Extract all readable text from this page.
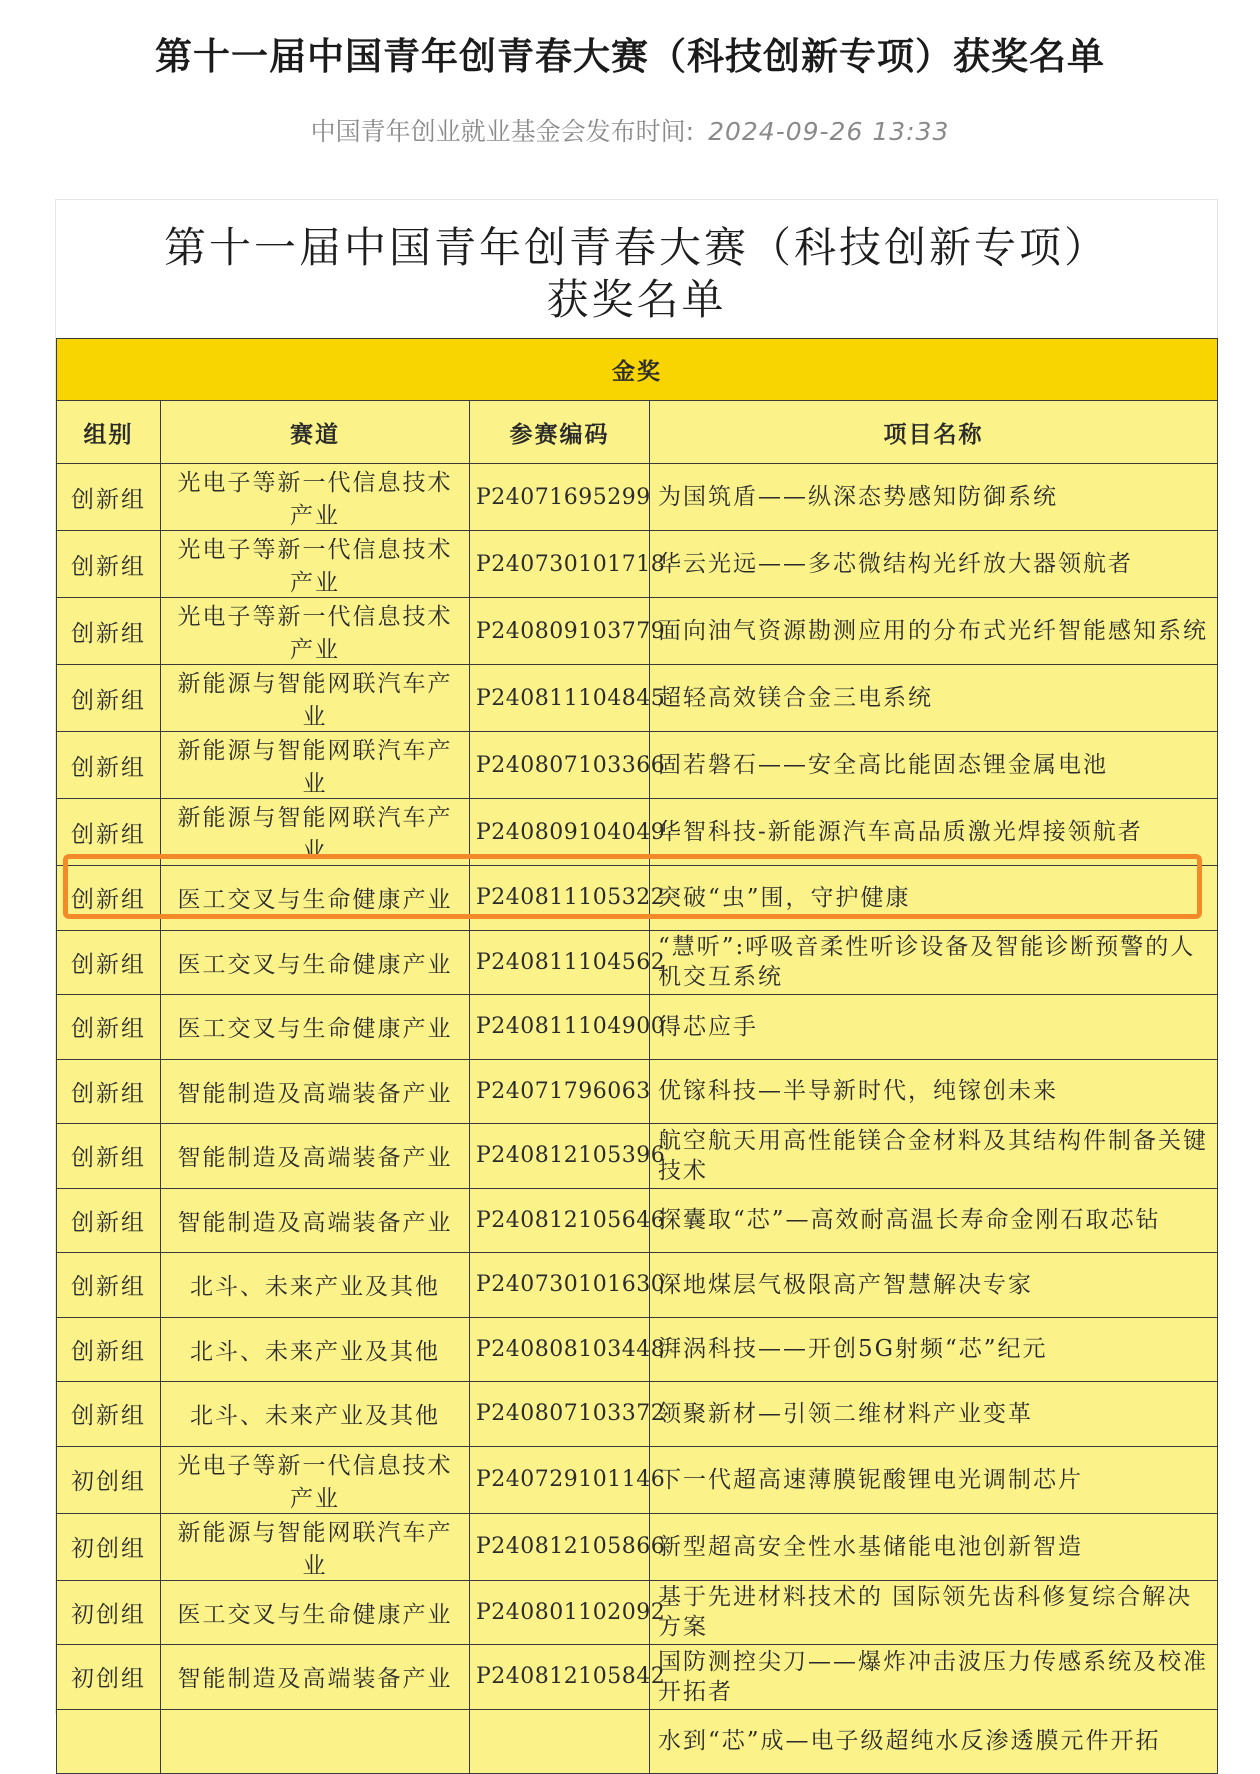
第十一届中国青年创青春大赛（科技创新专项）获奖名单
中国青年创业就业基金会发布时间: 2024-09-26 13:33
第十一届中国青年创青春大赛（科技创新专项）
获奖名单
金奖			
组别	赛道	参赛编码	项目名称
创新组	光电子等新一代信息技术产业	P24071695299	为国筑盾——纵深态势感知防御系统
创新组	光电子等新一代信息技术产业	P240730101718	华云光远——多芯微结构光纤放大器领航者
创新组	光电子等新一代信息技术产业	P240809103779	面向油气资源勘测应用的分布式光纤智能感知系统
创新组	新能源与智能网联汽车产业	P240811104845	超轻高效镁合金三电系统
创新组	新能源与智能网联汽车产业	P240807103366	固若磐石——安全高比能固态锂金属电池
创新组	新能源与智能网联汽车产业	P240809104049	华智科技-新能源汽车高品质激光焊接领航者
创新组	医工交叉与生命健康产业	P240811105322	突破“虫”围，守护健康
创新组	医工交叉与生命健康产业	P240811104562	“慧听”:呼吸音柔性听诊设备及智能诊断预警的人机交互系统
创新组	医工交叉与生命健康产业	P240811104900	得芯应手
创新组	智能制造及高端装备产业	P24071796063	优镓科技—半导新时代，纯镓创未来
创新组	智能制造及高端装备产业	P240812105396	航空航天用高性能镁合金材料及其结构件制备关键技术
创新组	智能制造及高端装备产业	P240812105646	探囊取“芯”—高效耐高温长寿命金刚石取芯钻
创新组	北斗、未来产业及其他	P240730101630	深地煤层气极限高产智慧解决专家
创新组	北斗、未来产业及其他	P240808103448	湃涡科技——开创5G射频“芯”纪元
创新组	北斗、未来产业及其他	P240807103372	领聚新材—引领二维材料产业变革
初创组	光电子等新一代信息技术产业	P240729101146	下一代超高速薄膜铌酸锂电光调制芯片
初创组	新能源与智能网联汽车产业	P240812105866	新型超高安全性水基储能电池创新智造
初创组	医工交叉与生命健康产业	P240801102092	基于先进材料技术的 国际领先齿科修复综合解决方案
初创组	智能制造及高端装备产业	P240812105842	国防测控尖刀——爆炸冲击波压力传感系统及校准开拓者
			水到“芯”成—电子级超纯水反渗透膜元件开拓
